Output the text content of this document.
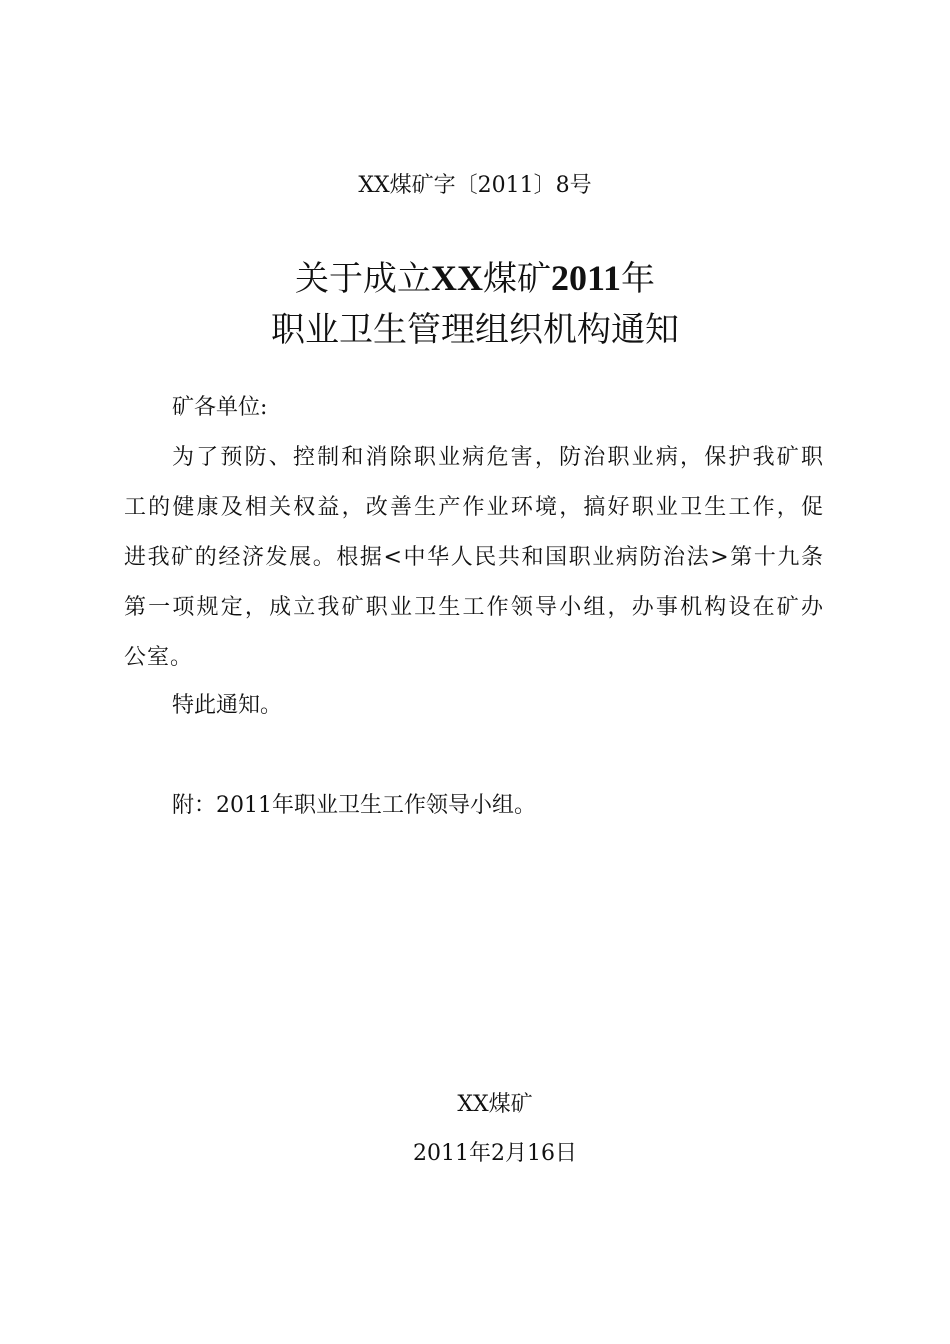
XX煤矿字〔2011〕8号
关于成立XX煤矿2011年
职业卫生管理组织机构通知
矿各单位:
为了预防、控制和消除职业病危害，防治职业病，保护我矿职
工的健康及相关权益，改善生产作业环境，搞好职业卫生工作，促
进我矿的经济发展。根据<中华人民共和国职业病防治法>第十九条
第一项规定，成立我矿职业卫生工作领导小组，办事机构设在矿办
公室。
特此通知。
附：2011年职业卫生工作领导小组。
XX煤矿
2011年2月16日
